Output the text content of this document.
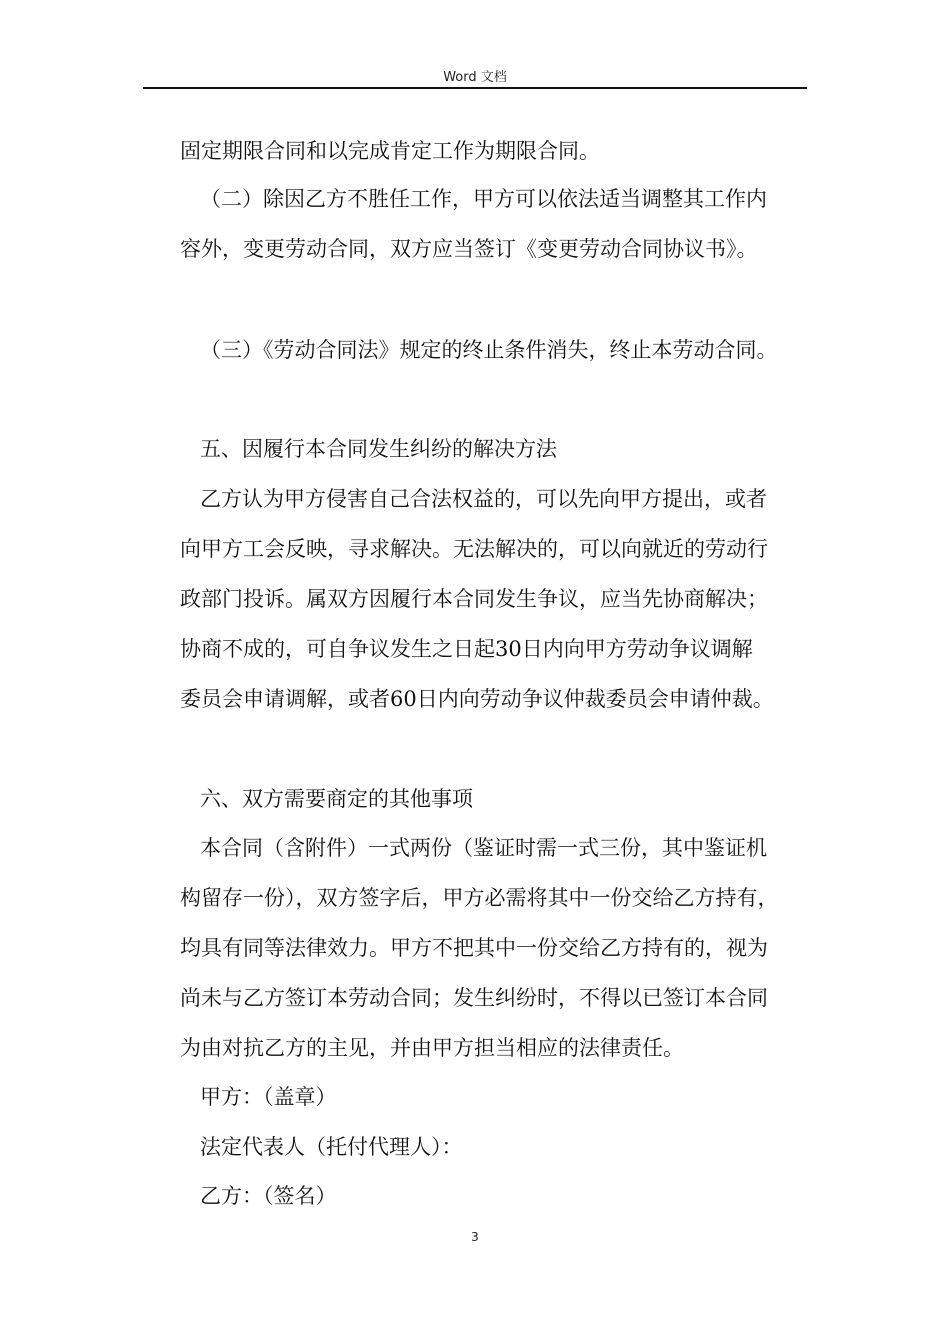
Word 文档
固定期限合同和以完成肯定工作为期限合同。
（二）除因乙方不胜任工作，甲方可以依法适当调整其工作内
容外，变更劳动合同，双方应当签订《变更劳动合同协议书》。
（三）《劳动合同法》规定的终止条件消失，终止本劳动合同。
五、因履行本合同发生纠纷的解决方法
乙方认为甲方侵害自己合法权益的，可以先向甲方提出，或者
向甲方工会反映，寻求解决。无法解决的，可以向就近的劳动行
政部门投诉。属双方因履行本合同发生争议，应当先协商解决；
协商不成的，可自争议发生之日起30日内向甲方劳动争议调解
委员会申请调解，或者60日内向劳动争议仲裁委员会申请仲裁。
六、双方需要商定的其他事项
本合同（含附件）一式两份（鉴证时需一式三份，其中鉴证机
构留存一份），双方签字后，甲方必需将其中一份交给乙方持有，
均具有同等法律效力。甲方不把其中一份交给乙方持有的，视为
尚未与乙方签订本劳动合同；发生纠纷时，不得以已签订本合同
为由对抗乙方的主见，并由甲方担当相应的法律责任。
甲方：（盖章）
法定代表人（托付代理人）：
乙方：（签名）
3
